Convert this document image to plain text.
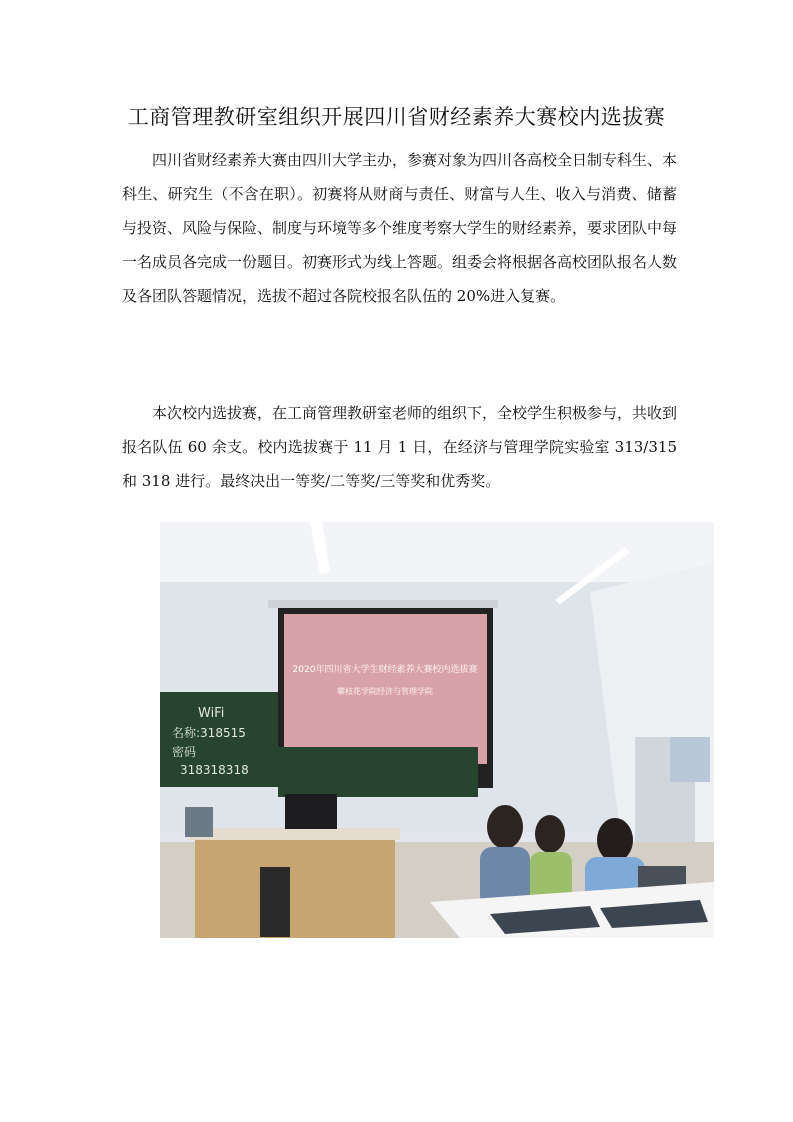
工商管理教研室组织开展四川省财经素养大赛校内选拔赛

四川省财经素养大赛由四川大学主办，参赛对象为四川各高校全日制专科生、本科生、研究生（不含在职）。初赛将从财商与责任、财富与人生、收入与消费、储蓄与投资、风险与保险、制度与环境等多个维度考察大学生的财经素养，要求团队中每一名成员各完成一份题目。初赛形式为线上答题。组委会将根据各高校团队报名人数及各团队答题情况，选拔不超过各院校报名队伍的 20%进入复赛。

本次校内选拔赛，在工商管理教研室老师的组织下，全校学生积极参与，共收到报名队伍 60 余支。校内选拔赛于 11 月 1 日，在经济与管理学院实验室 313/315 和 318 进行。最终决出一等奖/二等奖/三等奖和优秀奖。

2020年四川省大学生财经素养大赛校内选拔赛
攀枝花学院经济与管理学院
WiFi
名称:318515
密码
318318318
